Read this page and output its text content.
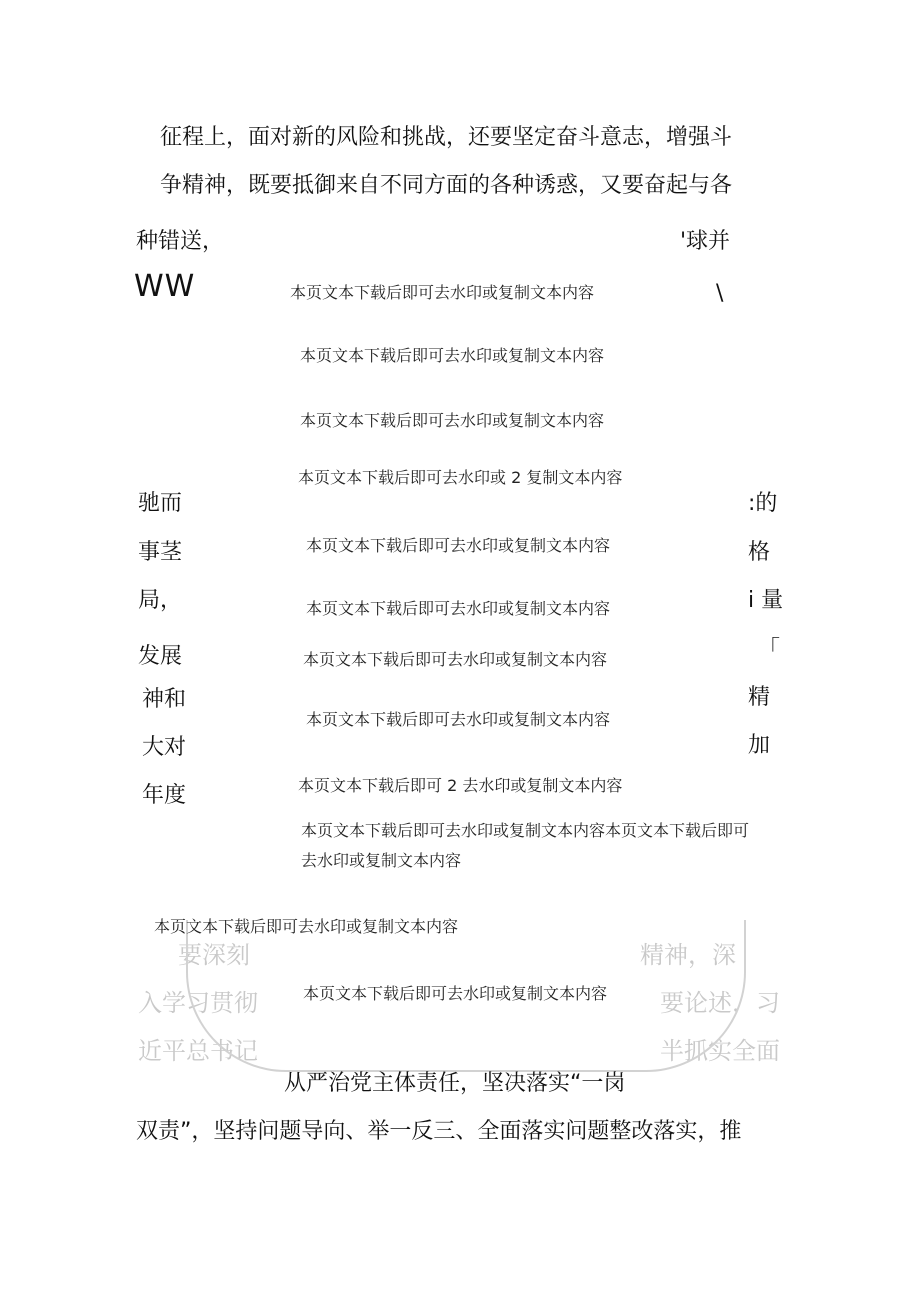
征程上，面对新的风险和挑战，还要坚定奋斗意志，增强斗
争精神，既要抵御来自不同方面的各种诱惑，又要奋起与各
种错送，	'球并
WW	\
本页文本下载后即可去水印或复制文本内容
本页文本下载后即可去水印或复制文本内容
本页文本下载后即可去水印或复制文本内容
本页文本下载后即可去水印或 2 复制文本内容
本页文本下载后即可去水印或复制文本内容
本页文本下载后即可去水印或复制文本内容
本页文本下载后即可去水印或复制文本内容
本页文本下载后即可去水印或复制文本内容
本页文本下载后即可 2 去水印或复制文本内容
本页文本下载后即可去水印或复制文本内容本页文本下载后即可
去水印或复制文本内容
驰而
事茎
局，
发展
神和
大对
年度
:的
格
i 量
「
精
加
要深刻	精神，深
入学习贯彻	要论述，习
近平总书记	半抓实全面
本页文本下载后即可去水印或复制文本内容
本页文本下载后即可去水印或复制文本内容
从严治党主体责任，坚决落实“一岗
双责”，坚持问题导向、举一反三、全面落实问题整改落实，推
